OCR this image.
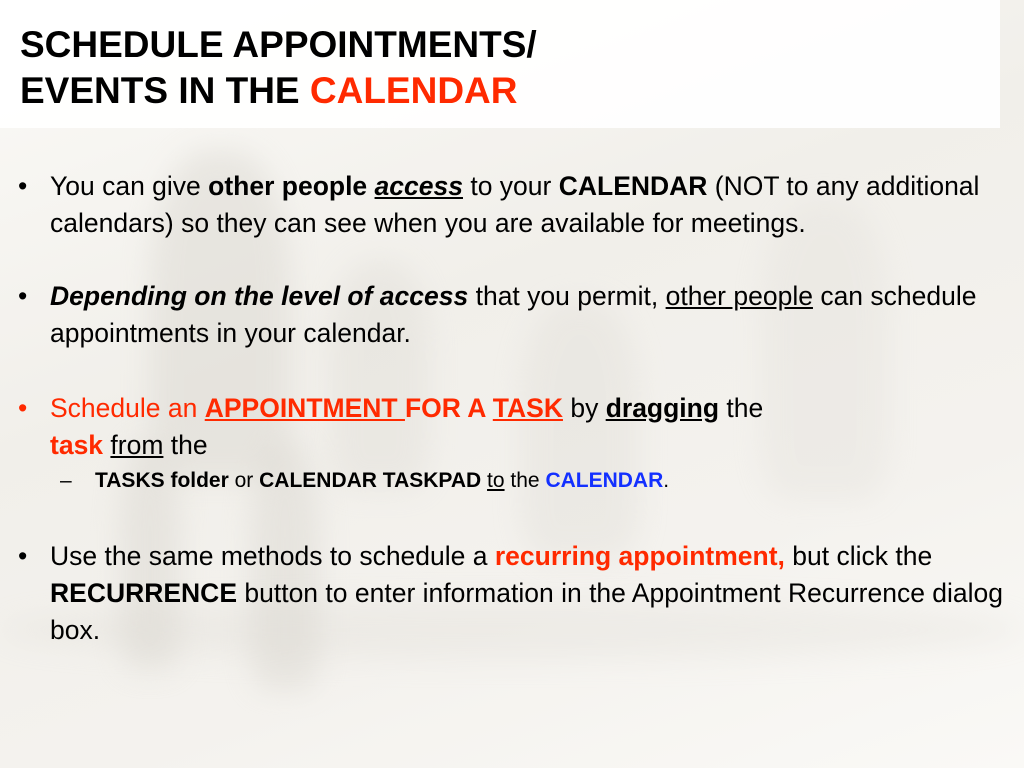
SCHEDULE APPOINTMENTS/
EVENTS IN THE CALENDAR

• You can give other people access to your CALENDAR (NOT to any additional calendars) so they can see when you are available for meetings.

• Depending on the level of access that you permit, other people can schedule appointments in your calendar.

• Schedule an APPOINTMENT FOR A TASK by dragging the
task from the

– TASKS folder or CALENDAR TASKPAD to the CALENDAR.

• Use the same methods to schedule a recurring appointment, but click the RECURRENCE button to enter information in the Appointment Recurrence dialog box.
